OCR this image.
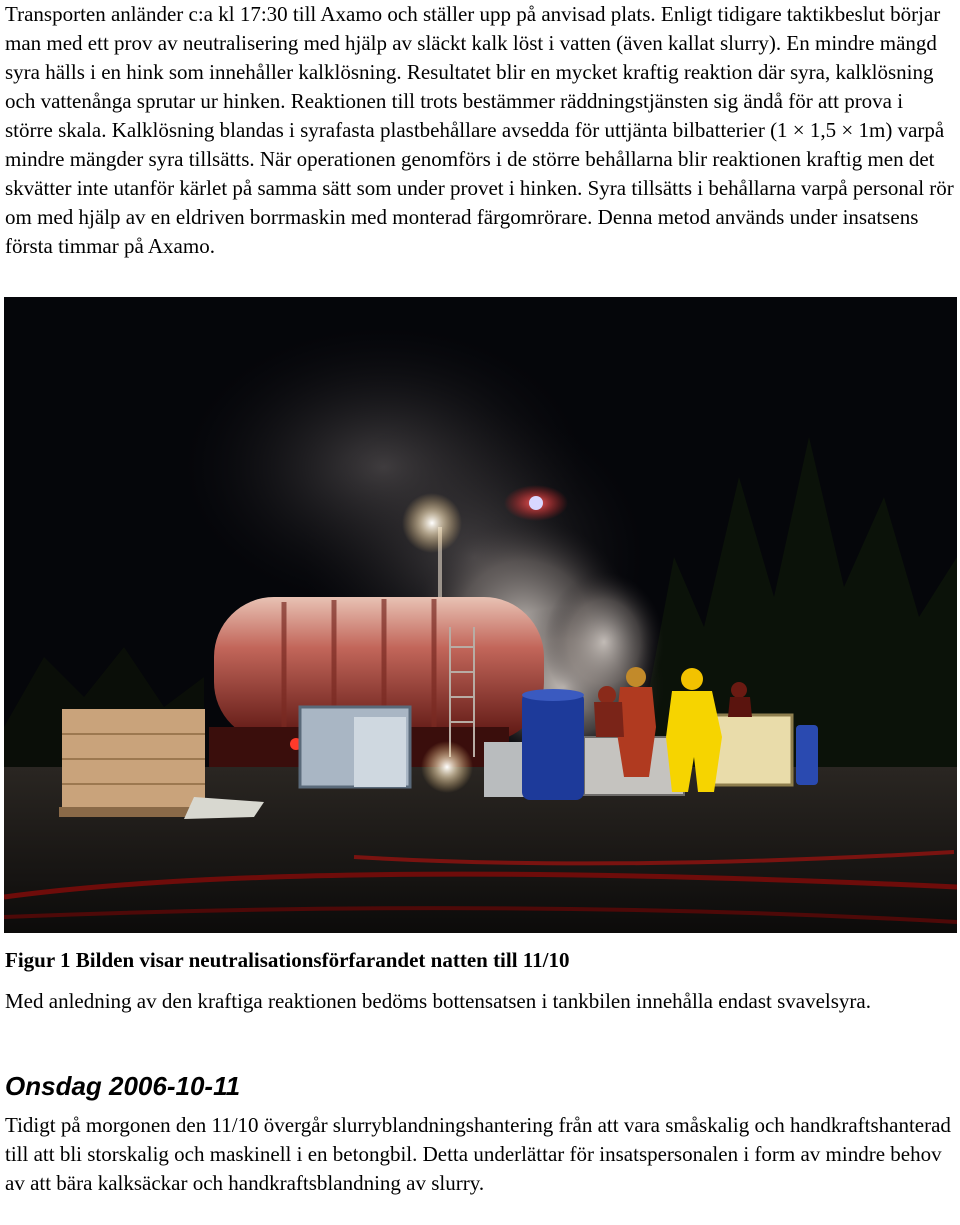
Transporten anländer c:a kl 17:30 till Axamo och ställer upp på anvisad plats. Enligt tidigare taktikbeslut börjar man med ett prov av neutralisering med hjälp av släckt kalk löst i vatten (även kallat slurry). En mindre mängd syra hälls i en hink som innehåller kalklösning. Resultatet blir en mycket kraftig reaktion där syra, kalklösning och vattenånga sprutar ur hinken. Reaktionen till trots bestämmer räddningstjänsten sig ändå för att prova i större skala. Kalklösning blandas i syrafasta plastbehållare avsedda för uttjänta bilbatterier (1 × 1,5 × 1m) varpå mindre mängder syra tillsätts. När operationen genomförs i de större behållarna blir reaktionen kraftig men det skvätter inte utanför kärlet på samma sätt som under provet i hinken. Syra tillsätts i behållarna varpå personal rör om med hjälp av en eldriven borrmaskin med monterad färgomrörare. Denna metod används under insatsens första timmar på Axamo.

Figur 1 Bilden visar neutralisationsförfarandet natten till 11/10

Med anledning av den kraftiga reaktionen bedöms bottensatsen i tankbilen innehålla endast svavelsyra.

Onsdag 2006-10-11

Tidigt på morgonen den 11/10 övergår slurryblandningshantering från att vara småskalig och handkraftshanterad till att bli storskalig och maskinell i en betongbil. Detta underlättar för insatspersonalen i form av mindre behov av att bära kalksäckar och handkraftsblandning av slurry.
